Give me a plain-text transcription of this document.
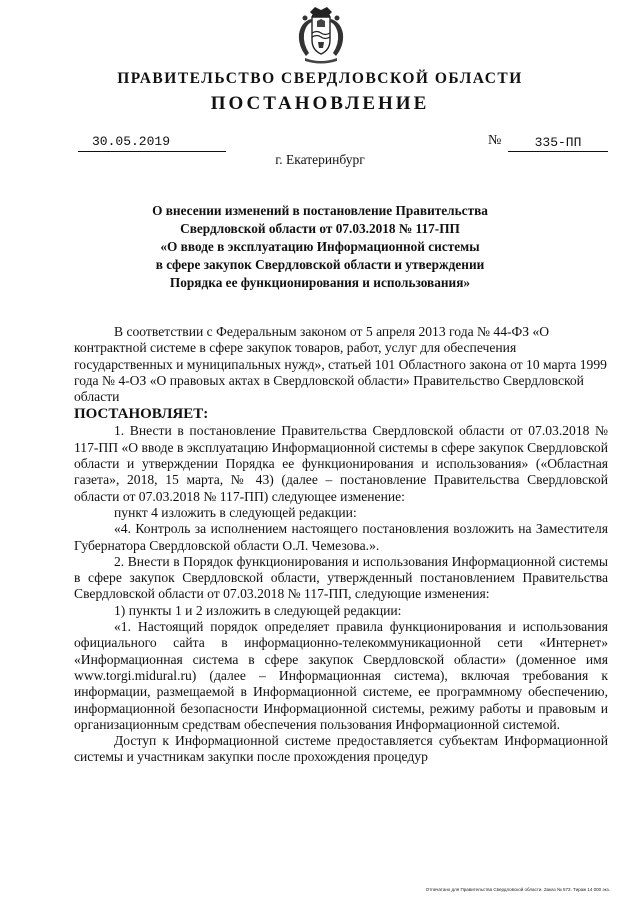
ПРАВИТЕЛЬСТВО СВЕРДЛОВСКОЙ ОБЛАСТИ
ПОСТАНОВЛЕНИЕ
30.05.2019	№	335-ПП
г. Екатеринбург
О внесении изменений в постановление Правительства
Свердловской области от 07.03.2018 № 117-ПП
«О вводе в эксплуатацию Информационной системы
в сфере закупок Свердловской области и утверждении
Порядка ее функционирования и использования»

В соответствии с Федеральным законом от 5 апреля 2013 года № 44-ФЗ «О контрактной системе в сфере закупок товаров, работ, услуг для обеспечения государственных и муниципальных нужд», статьей 101 Областного закона от 10 марта 1999 года № 4-ОЗ «О правовых актах в Свердловской области» Правительство Свердловской области

ПОСТАНОВЛЯЕТ:

1. Внести в постановление Правительства Свердловской области от 07.03.2018 № 117-ПП «О вводе в эксплуатацию Информационной системы в сфере закупок Свердловской области и утверждении Порядка ее функционирования и использования» («Областная газета», 2018, 15 марта, № 43) (далее – постановление Правительства Свердловской области от 07.03.2018 № 117-ПП) следующее изменение:

пункт 4 изложить в следующей редакции:

«4. Контроль за исполнением настоящего постановления возложить на Заместителя Губернатора Свердловской области О.Л. Чемезова.».

2. Внести в Порядок функционирования и использования Информационной системы в сфере закупок Свердловской области, утвержденный постановлением Правительства Свердловской области от 07.03.2018 № 117-ПП, следующие изменения:

1) пункты 1 и 2 изложить в следующей редакции:

«1. Настоящий порядок определяет правила функционирования и использования официального сайта в информационно-телекоммуникационной сети «Интернет» «Информационная система в сфере закупок Свердловской области» (доменное имя www.torgi.midural.ru) (далее – Информационная система), включая требования к информации, размещаемой в Информационной системе, ее программному обеспечению, информационной безопасности Информационной системы, режиму работы и правовым и организационным средствам обеспечения пользования Информационной системой.

Доступ к Информационной системе предоставляется субъектам Информационной системы и участникам закупки после прохождения процедур

Отпечатано для Правительства Свердловской области. Заказ № 573. Тираж 14 000 экз.
